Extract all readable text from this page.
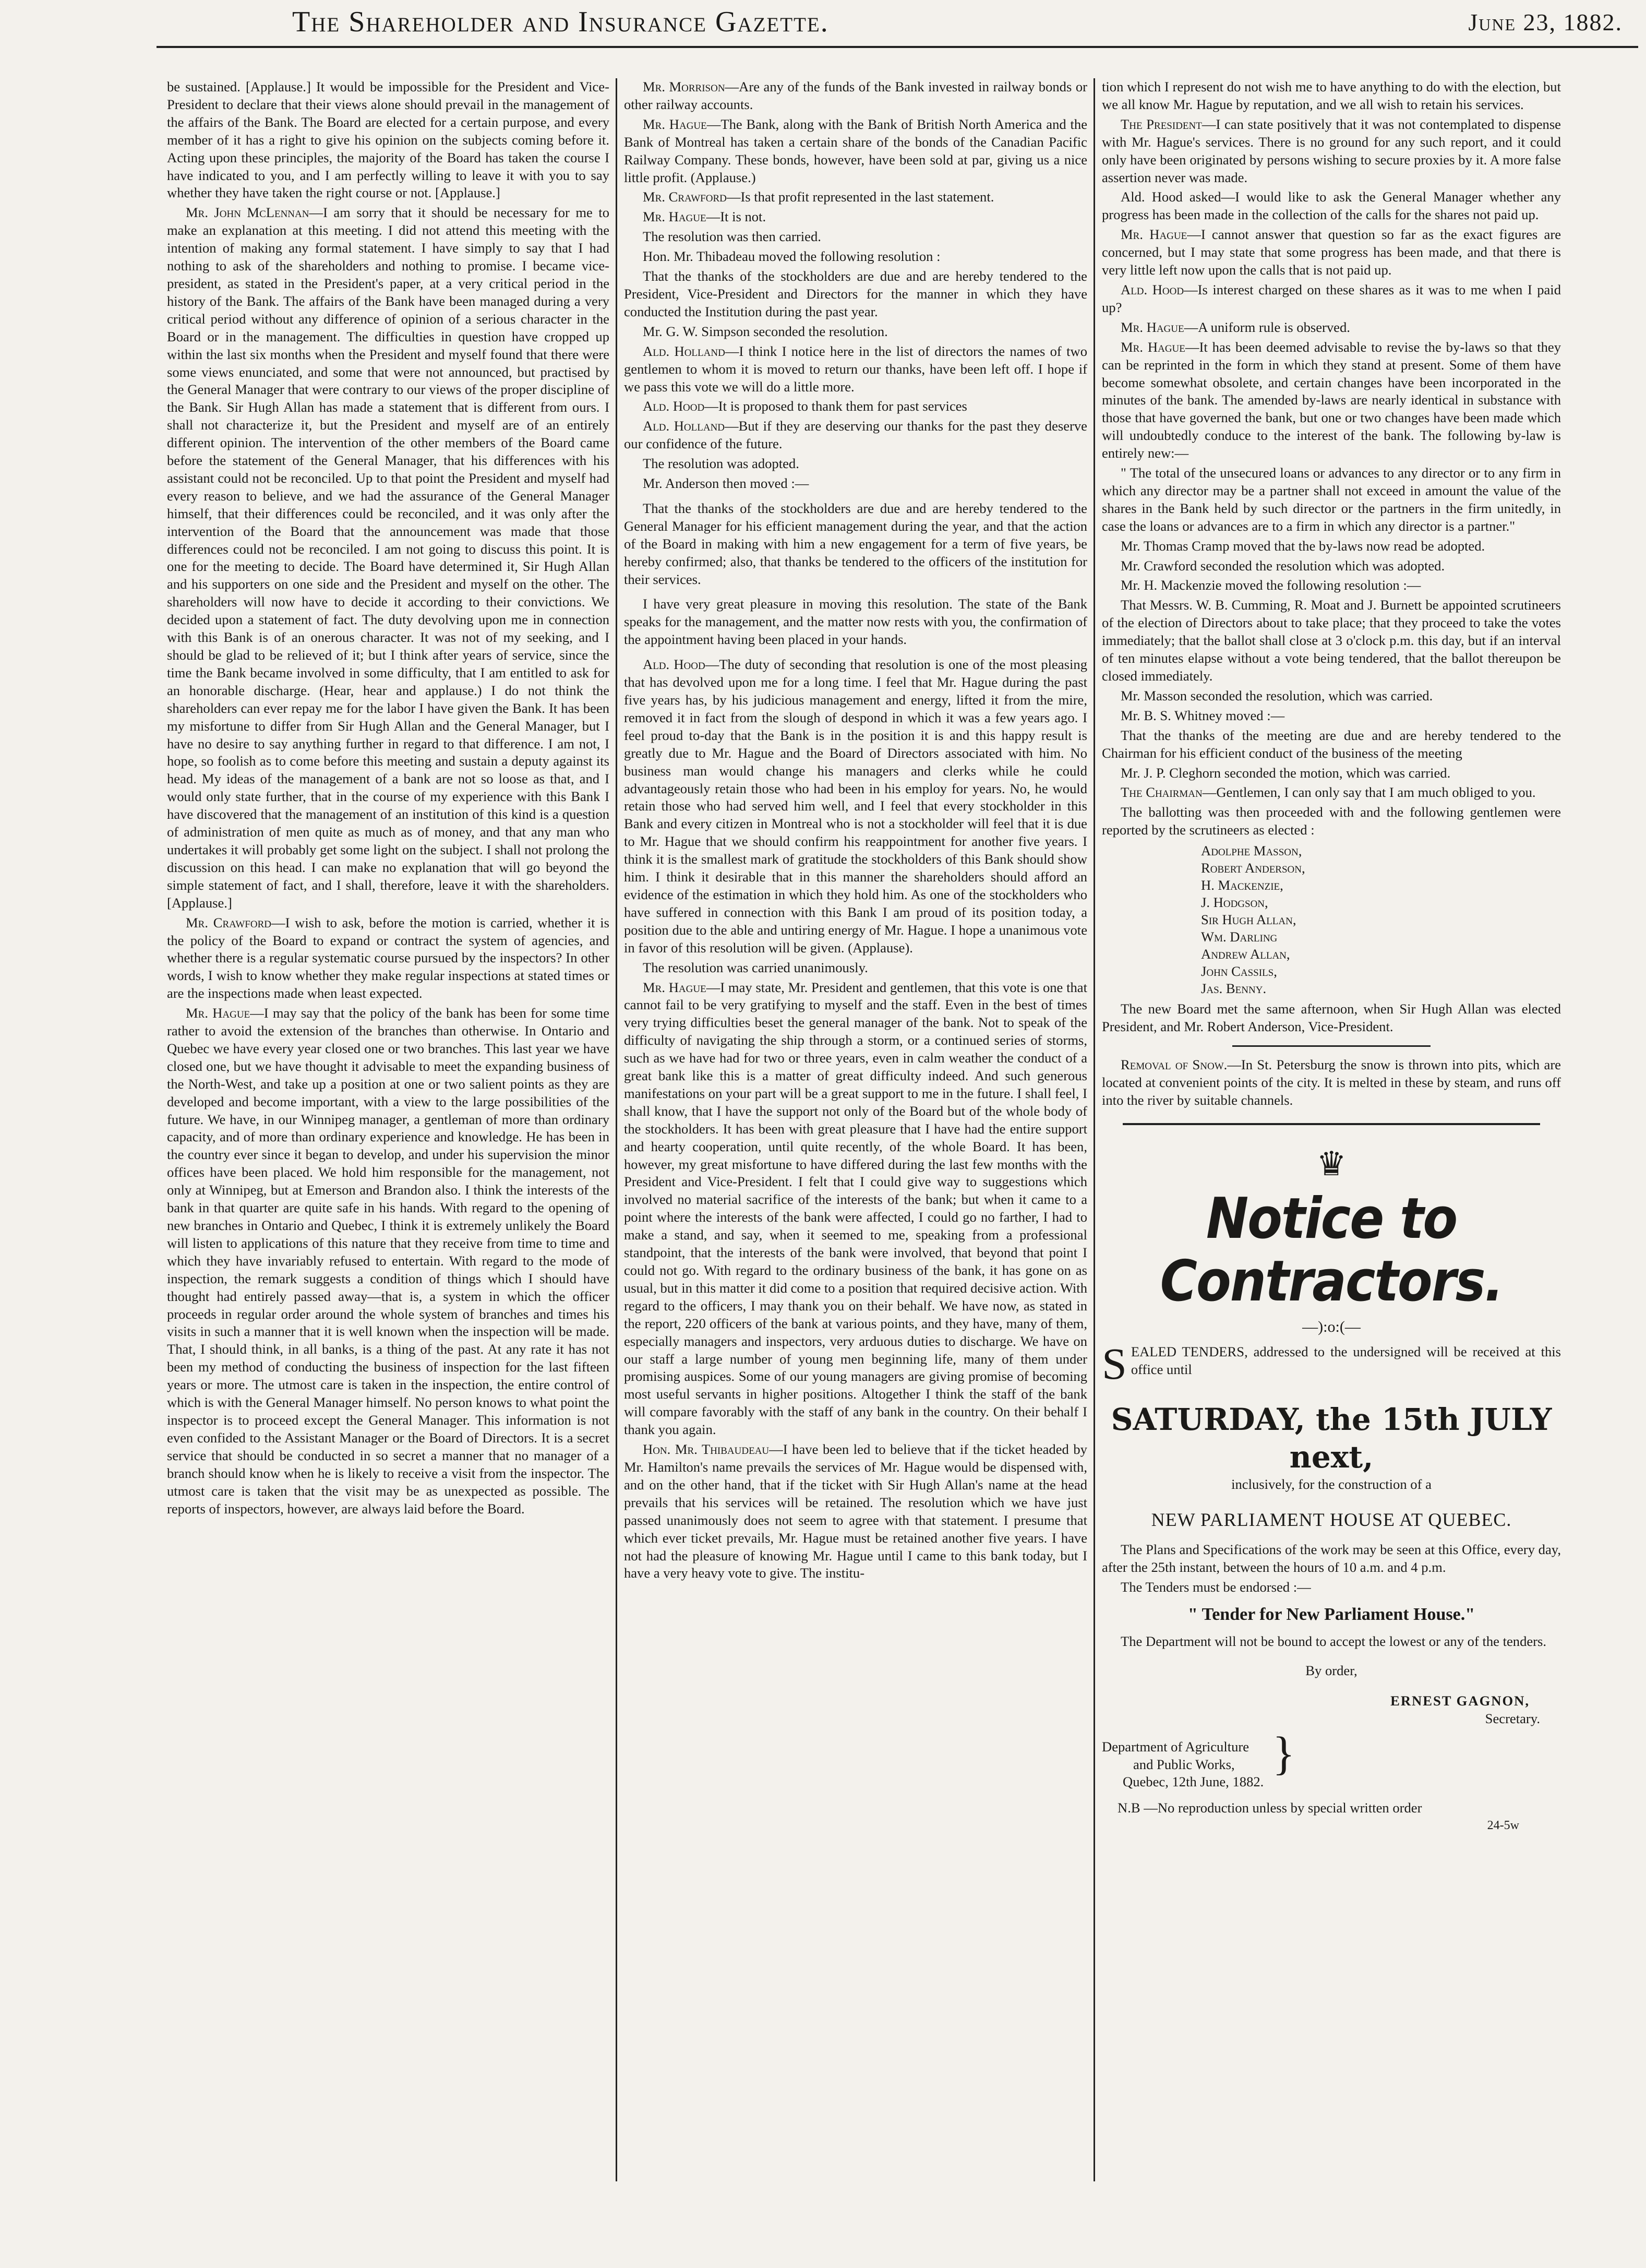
The Shareholder and Insurance Gazette.	June 23, 1882.

be sustained. [Applause.] It would be impossible for the President and Vice-President to declare that their views alone should prevail in the management of the affairs of the Bank. The Board are elected for a certain purpose, and every member of it has a right to give his opinion on the subjects coming before it. Acting upon these principles, the majority of the Board has taken the course I have indicated to you, and I am perfectly willing to leave it with you to say whether they have taken the right course or not. [Applause.]

Mr. John McLennan—I am sorry that it should be necessary for me to make an explanation at this meeting. I did not attend this meeting with the intention of making any formal statement. I have simply to say that I had nothing to ask of the shareholders and nothing to promise. I became vice-president, as stated in the President's paper, at a very critical period in the history of the Bank. The affairs of the Bank have been managed during a very critical period without any difference of opinion of a serious character in the Board or in the management. The difficulties in question have cropped up within the last six months when the President and myself found that there were some views enunciated, and some that were not announced, but practised by the General Manager that were contrary to our views of the proper discipline of the Bank. Sir Hugh Allan has made a statement that is different from ours. I shall not characterize it, but the President and myself are of an entirely different opinion. The intervention of the other members of the Board came before the statement of the General Manager, that his differences with his assistant could not be reconciled. Up to that point the President and myself had every reason to believe, and we had the assurance of the General Manager himself, that their differences could be reconciled, and it was only after the intervention of the Board that the announcement was made that those differences could not be reconciled. I am not going to discuss this point. It is one for the meeting to decide. The Board have determined it, Sir Hugh Allan and his supporters on one side and the President and myself on the other. The shareholders will now have to decide it according to their convictions. We decided upon a statement of fact. The duty devolving upon me in connection with this Bank is of an onerous character. It was not of my seeking, and I should be glad to be relieved of it; but I think after years of service, since the time the Bank became involved in some difficulty, that I am entitled to ask for an honorable discharge. (Hear, hear and applause.) I do not think the shareholders can ever repay me for the labor I have given the Bank. It has been my misfortune to differ from Sir Hugh Allan and the General Manager, but I have no desire to say anything further in regard to that difference. I am not, I hope, so foolish as to come before this meeting and sustain a deputy against its head. My ideas of the management of a bank are not so loose as that, and I would only state further, that in the course of my experience with this Bank I have discovered that the management of an institution of this kind is a question of administration of men quite as much as of money, and that any man who undertakes it will probably get some light on the subject. I shall not prolong the discussion on this head. I can make no explanation that will go beyond the simple statement of fact, and I shall, therefore, leave it with the shareholders. [Applause.]

Mr. Crawford—I wish to ask, before the motion is carried, whether it is the policy of the Board to expand or contract the system of agencies, and whether there is a regular systematic course pursued by the inspectors? In other words, I wish to know whether they make regular inspections at stated times or are the inspections made when least expected.

Mr. Hague—I may say that the policy of the bank has been for some time rather to avoid the extension of the branches than otherwise. In Ontario and Quebec we have every year closed one or two branches. This last year we have closed one, but we have thought it advisable to meet the expanding business of the North-West, and take up a position at one or two salient points as they are developed and become important, with a view to the large possibilities of the future. We have, in our Winnipeg manager, a gentleman of more than ordinary capacity, and of more than ordinary experience and knowledge. He has been in the country ever since it began to develop, and under his supervision the minor offices have been placed. We hold him responsible for the management, not only at Winnipeg, but at Emerson and Brandon also. I think the interests of the bank in that quarter are quite safe in his hands. With regard to the opening of new branches in Ontario and Quebec, I think it is extremely unlikely the Board will listen to applications of this nature that they receive from time to time and which they have invariably refused to entertain. With regard to the mode of inspection, the remark suggests a condition of things which I should have thought had entirely passed away—that is, a system in which the officer proceeds in regular order around the whole system of branches and times his visits in such a manner that it is well known when the inspection will be made. That, I should think, in all banks, is a thing of the past. At any rate it has not been my method of conducting the business of inspection for the last fifteen years or more. The utmost care is taken in the inspection, the entire control of which is with the General Manager himself. No person knows to what point the inspector is to proceed except the General Manager. This information is not even confided to the Assistant Manager or the Board of Directors. It is a secret service that should be conducted in so secret a manner that no manager of a branch should know when he is likely to receive a visit from the inspector. The utmost care is taken that the visit may be as unexpected as possible. The reports of inspectors, however, are always laid before the Board.

Mr. Morrison—Are any of the funds of the Bank invested in railway bonds or other railway accounts.

Mr. Hague—The Bank, along with the Bank of British North America and the Bank of Montreal has taken a certain share of the bonds of the Canadian Pacific Railway Company. These bonds, however, have been sold at par, giving us a nice little profit. (Applause.)

Mr. Crawford—Is that profit represented in the last statement.

Mr. Hague—It is not.

The resolution was then carried.

Hon. Mr. Thibadeau moved the following resolution :

That the thanks of the stockholders are due and are hereby tendered to the President, Vice-President and Directors for the manner in which they have conducted the Institution during the past year.

Mr. G. W. Simpson seconded the resolution.

Ald. Holland—I think I notice here in the list of directors the names of two gentlemen to whom it is moved to return our thanks, have been left off. I hope if we pass this vote we will do a little more.

Ald. Hood—It is proposed to thank them for past services

Ald. Holland—But if they are deserving our thanks for the past they deserve our confidence of the future.

The resolution was adopted.

Mr. Anderson then moved :—

That the thanks of the stockholders are due and are hereby tendered to the General Manager for his efficient management during the year, and that the action of the Board in making with him a new engagement for a term of five years, be hereby confirmed; also, that thanks be tendered to the officers of the institution for their services.

I have very great pleasure in moving this resolution. The state of the Bank speaks for the management, and the matter now rests with you, the confirmation of the appointment having been placed in your hands.

Ald. Hood—The duty of seconding that resolution is one of the most pleasing that has devolved upon me for a long time. I feel that Mr. Hague during the past five years has, by his judicious management and energy, lifted it from the mire, removed it in fact from the slough of despond in which it was a few years ago. I feel proud to-day that the Bank is in the position it is and this happy result is greatly due to Mr. Hague and the Board of Directors associated with him. No business man would change his managers and clerks while he could advantageously retain those who had been in his employ for years. No, he would retain those who had served him well, and I feel that every stockholder in this Bank and every citizen in Montreal who is not a stockholder will feel that it is due to Mr. Hague that we should confirm his reappointment for another five years. I think it is the smallest mark of gratitude the stockholders of this Bank should show him. I think it desirable that in this manner the shareholders should afford an evidence of the estimation in which they hold him. As one of the stockholders who have suffered in connection with this Bank I am proud of its position today, a position due to the able and untiring energy of Mr. Hague. I hope a unanimous vote in favor of this resolution will be given. (Applause).

The resolution was carried unanimously.

Mr. Hague—I may state, Mr. President and gentlemen, that this vote is one that cannot fail to be very gratifying to myself and the staff. Even in the best of times very trying difficulties beset the general manager of the bank. Not to speak of the difficulty of navigating the ship through a storm, or a continued series of storms, such as we have had for two or three years, even in calm weather the conduct of a great bank like this is a matter of great difficulty indeed. And such generous manifestations on your part will be a great support to me in the future. I shall feel, I shall know, that I have the support not only of the Board but of the whole body of the stockholders. It has been with great pleasure that I have had the entire support and hearty cooperation, until quite recently, of the whole Board. It has been, however, my great misfortune to have differed during the last few months with the President and Vice-President. I felt that I could give way to suggestions which involved no material sacrifice of the interests of the bank; but when it came to a point where the interests of the bank were affected, I could go no farther, I had to make a stand, and say, when it seemed to me, speaking from a professional standpoint, that the interests of the bank were involved, that beyond that point I could not go. With regard to the ordinary business of the bank, it has gone on as usual, but in this matter it did come to a position that required decisive action. With regard to the officers, I may thank you on their behalf. We have now, as stated in the report, 220 officers of the bank at various points, and they have, many of them, especially managers and inspectors, very arduous duties to discharge. We have on our staff a large number of young men beginning life, many of them under promising auspices. Some of our young managers are giving promise of becoming most useful servants in higher positions. Altogether I think the staff of the bank will compare favorably with the staff of any bank in the country. On their behalf I thank you again.

Hon. Mr. Thibaudeau—I have been led to believe that if the ticket headed by Mr. Hamilton's name prevails the services of Mr. Hague would be dispensed with, and on the other hand, that if the ticket with Sir Hugh Allan's name at the head prevails that his services will be retained. The resolution which we have just passed unanimously does not seem to agree with that statement. I presume that which ever ticket prevails, Mr. Hague must be retained another five years. I have not had the pleasure of knowing Mr. Hague until I came to this bank today, but I have a very heavy vote to give. The institu-

tion which I represent do not wish me to have anything to do with the election, but we all know Mr. Hague by reputation, and we all wish to retain his services.

The President—I can state positively that it was not contemplated to dispense with Mr. Hague's services. There is no ground for any such report, and it could only have been originated by persons wishing to secure proxies by it. A more false assertion never was made.

Ald. Hood asked—I would like to ask the General Manager whether any progress has been made in the collection of the calls for the shares not paid up.

Mr. Hague—I cannot answer that question so far as the exact figures are concerned, but I may state that some progress has been made, and that there is very little left now upon the calls that is not paid up.

Ald. Hood—Is interest charged on these shares as it was to me when I paid up?

Mr. Hague—A uniform rule is observed.

Mr. Hague—It has been deemed advisable to revise the by-laws so that they can be reprinted in the form in which they stand at present. Some of them have become somewhat obsolete, and certain changes have been incorporated in the minutes of the bank. The amended by-laws are nearly identical in substance with those that have governed the bank, but one or two changes have been made which will undoubtedly conduce to the interest of the bank. The following by-law is entirely new:—

" The total of the unsecured loans or advances to any director or to any firm in which any director may be a partner shall not exceed in amount the value of the shares in the Bank held by such director or the partners in the firm unitedly, in case the loans or advances are to a firm in which any director is a partner."

Mr. Thomas Cramp moved that the by-laws now read be adopted.

Mr. Crawford seconded the resolution which was adopted.

Mr. H. Mackenzie moved the following resolution :—

That Messrs. W. B. Cumming, R. Moat and J. Burnett be appointed scrutineers of the election of Directors about to take place; that they proceed to take the votes immediately; that the ballot shall close at 3 o'clock p.m. this day, but if an interval of ten minutes elapse without a vote being tendered, that the ballot thereupon be closed immediately.

Mr. Masson seconded the resolution, which was carried.

Mr. B. S. Whitney moved :—

That the thanks of the meeting are due and are hereby tendered to the Chairman for his efficient conduct of the business of the meeting

Mr. J. P. Cleghorn seconded the motion, which was carried.

The Chairman—Gentlemen, I can only say that I am much obliged to you.

The ballotting was then proceeded with and the following gentlemen were reported by the scrutineers as elected :

Adolphe Masson,
Robert Anderson,
H. Mackenzie,
J. Hodgson,
Sir Hugh Allan,
Wm. Darling
Andrew Allan,
John Cassils,
Jas. Benny.

The new Board met the same afternoon, when Sir Hugh Allan was elected President, and Mr. Robert Anderson, Vice-President.

Removal of Snow.—In St. Petersburg the snow is thrown into pits, which are located at convenient points of the city. It is melted in these by steam, and runs off into the river by suitable channels.

♛
Notice to Contractors.
—):o:(—
S EALED TENDERS, addressed to the undersigned will be received at this office until
SATURDAY, the 15th JULY next,
inclusively, for the construction of a
NEW PARLIAMENT HOUSE AT QUEBEC.

The Plans and Specifications of the work may be seen at this Office, every day, after the 25th instant, between the hours of 10 a.m. and 4 p.m.

The Tenders must be endorsed :—

" Tender for New Parliament House."

The Department will not be bound to accept the lowest or any of the tenders.

By order,
ERNEST GAGNON,
Secretary.
Department of Agriculture
and Public Works,
Quebec, 12th June, 1882.
}
N.B —No reproduction unless by special written order
24-5w
